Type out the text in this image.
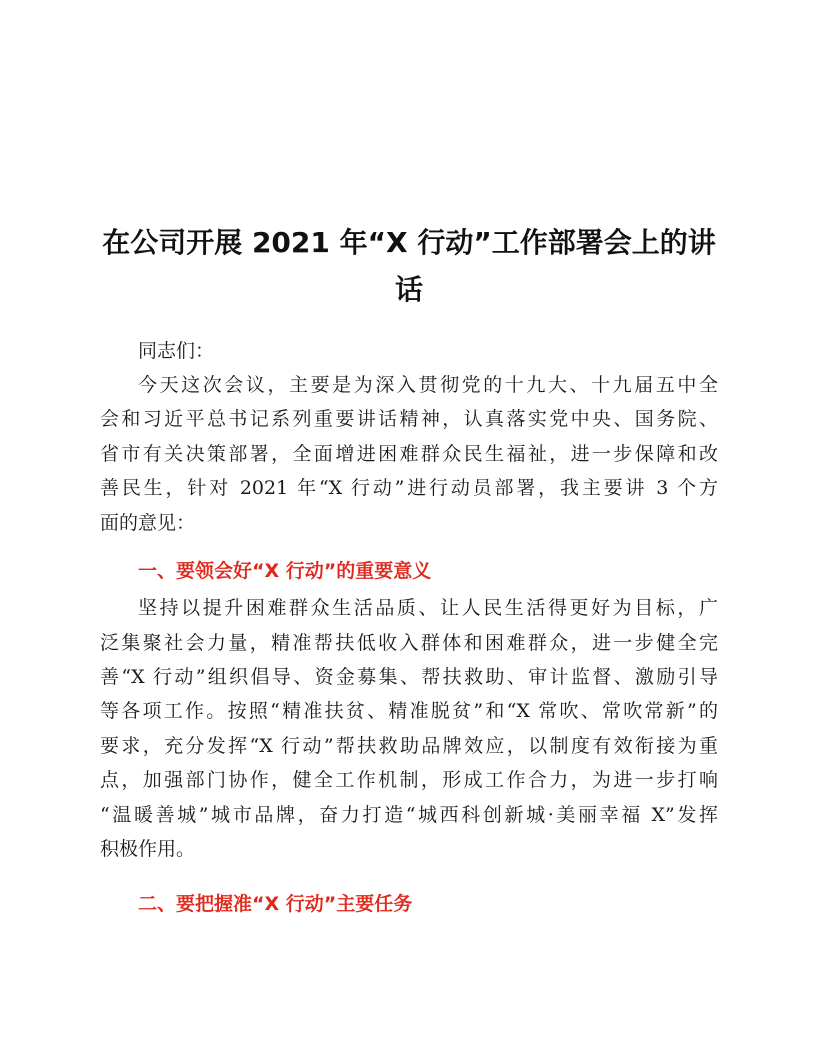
在公司开展 2021 年“X 行动”工作部署会上的讲
话
同志们：
今天这次会议，主要是为深入贯彻党的十九大、十九届五中全
会和习近平总书记系列重要讲话精神，认真落实党中央、国务院、
省市有关决策部署，全面增进困难群众民生福祉，进一步保障和改
善民生，针对 2021 年“X 行动”进行动员部署，我主要讲 3 个方
面的意见：
一、要领会好“X 行动”的重要意义
坚持以提升困难群众生活品质、让人民生活得更好为目标，广
泛集聚社会力量，精准帮扶低收入群体和困难群众，进一步健全完
善“X 行动”组织倡导、资金募集、帮扶救助、审计监督、激励引导
等各项工作。按照“精准扶贫、精准脱贫”和“X 常吹、常吹常新”的
要求，充分发挥“X 行动”帮扶救助品牌效应，以制度有效衔接为重
点，加强部门协作，健全工作机制，形成工作合力，为进一步打响
“温暖善城”城市品牌，奋力打造“城西科创新城·美丽幸福 X”发挥
积极作用。
二、要把握准“X 行动”主要任务
